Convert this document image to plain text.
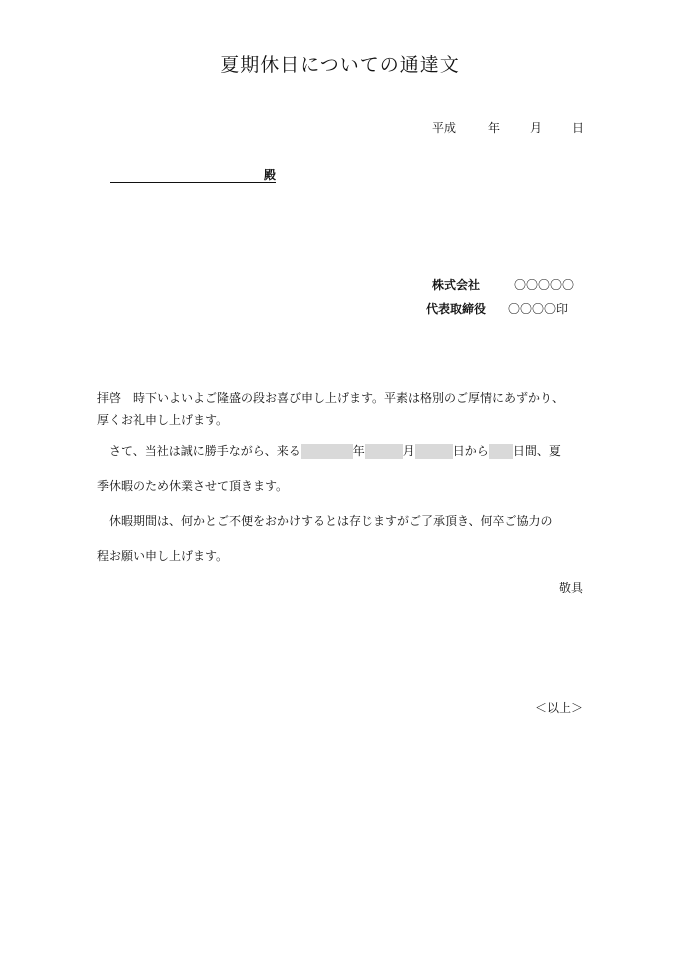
夏期休日についての通達文
平成	年 月 日
殿
株式会社	〇〇〇〇〇
代表取締役 〇〇〇〇印
拝啓　時下いよいよご隆盛の段お喜び申し上げます。平素は格別のご厚情にあずかり、
厚くお礼申し上げます。
　さて、当社は誠に勝手ながら、来る	年	月	日から 日間、夏
季休暇のため休業させて頂きます。
　休暇期間は、何かとご不便をおかけするとは存じますがご了承頂き、何卒ご協力の
程お願い申し上げます。
敬具
＜以上＞
